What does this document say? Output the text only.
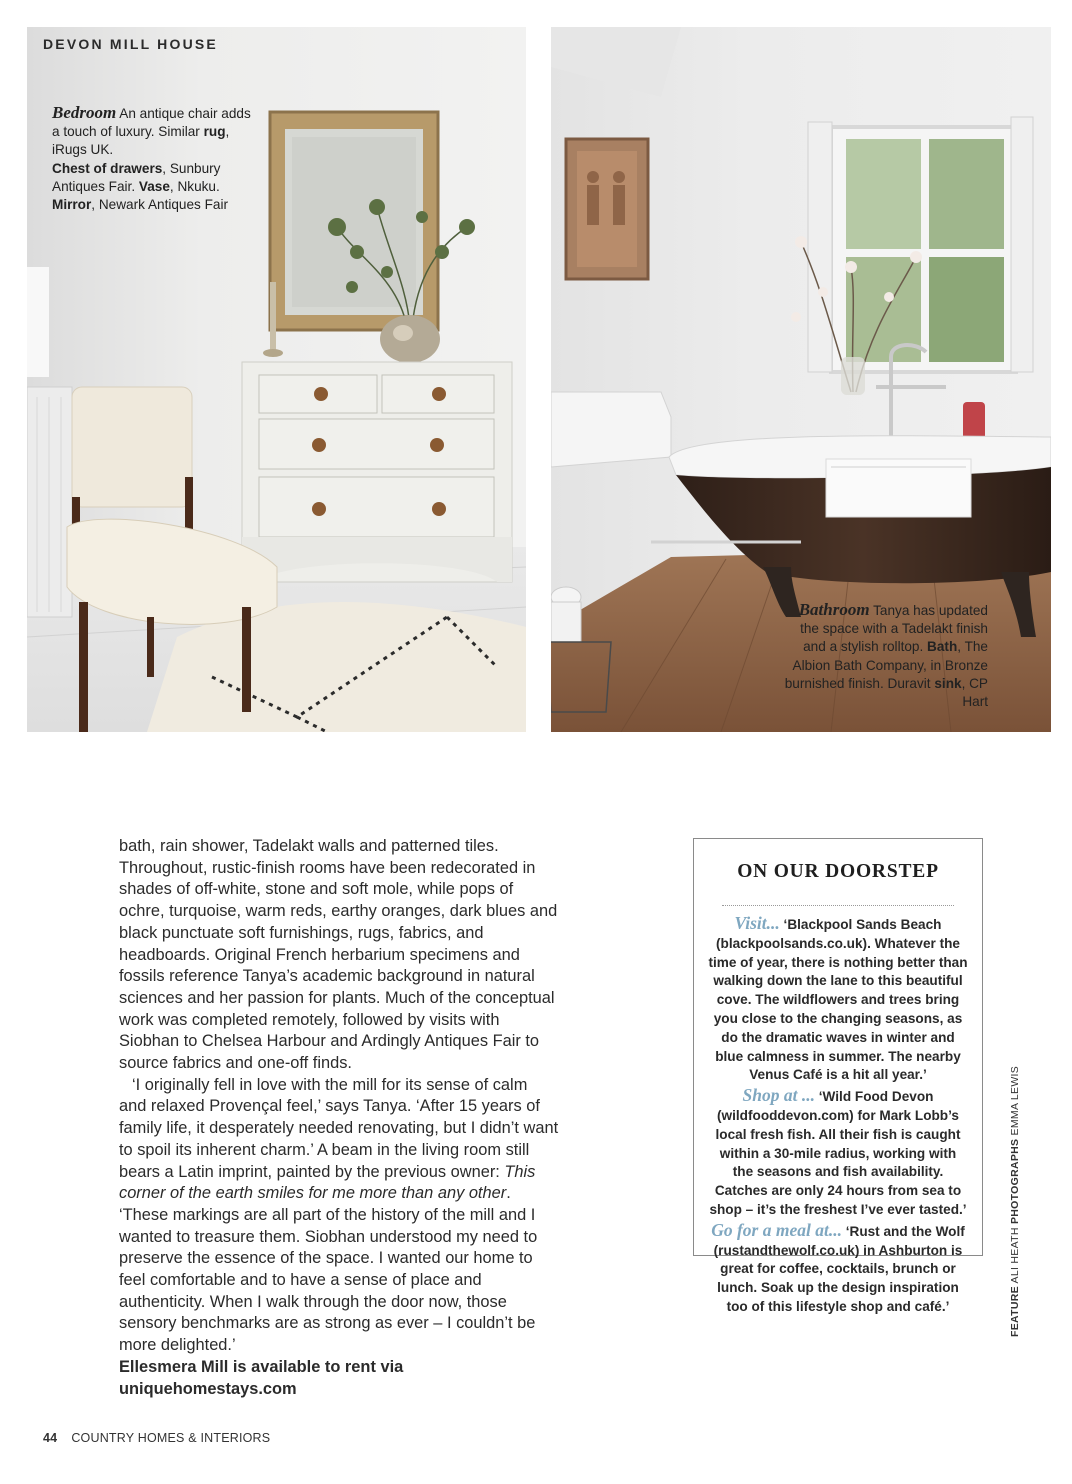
DEVON MILL HOUSE
Bedroom An antique chair adds a touch of luxury. Similar rug, iRugs UK.
Chest of drawers, Sunbury Antiques Fair. Vase, Nkuku.
Mirror, Newark Antiques Fair
Bathroom Tanya has updated the space with a Tadelakt finish and a stylish rolltop. Bath, The Albion Bath Company, in Bronze burnished finish. Duravit sink, CP Hart

bath, rain shower, Tadelakt walls and patterned tiles. Throughout, rustic-finish rooms have been redecorated in shades of off-white, stone and soft mole, while pops of ochre, turquoise, warm reds, earthy oranges, dark blues and black punctuate soft furnishings, rugs, fabrics, and headboards. Original French herbarium specimens and fossils reference Tanya’s academic background in natural sciences and her passion for plants. Much of the conceptual work was completed remotely, followed by visits with Siobhan to Chelsea Harbour and Ardingly Antiques Fair to source fabrics and one-off finds.

‘I originally fell in love with the mill for its sense of calm and relaxed Provençal feel,’ says Tanya. ‘After 15 years of family life, it desperately needed renovating, but I didn’t want to spoil its inherent charm.’ A beam in the living room still bears a Latin imprint, painted by the previous owner: This corner of the earth smiles for me more than any other. ‘These markings are all part of the history of the mill and I wanted to treasure them. Siobhan understood my need to preserve the essence of the space. I wanted our home to feel comfortable and to have a sense of place and authenticity. When I walk through the door now, those sensory benchmarks are as strong as ever – I couldn’t be more delighted.’

Ellesmera Mill is available to rent via uniquehomestays.com

ON OUR DOORSTEP

Visit... ‘Blackpool Sands Beach (blackpoolsands.co.uk). Whatever the time of year, there is nothing better than walking down the lane to this beautiful cove. The wildflowers and trees bring you close to the changing seasons, as do the dramatic waves in winter and blue calmness in summer. The nearby Venus Café is a hit all year.’

Shop at ... ‘Wild Food Devon (wildfooddevon.com) for Mark Lobb’s local fresh fish. All their fish is caught within a 30-mile radius, working with the seasons and fish availability. Catches are only 24 hours from sea to shop – it’s the freshest I’ve ever tasted.’

Go for a meal at... ‘Rust and the Wolf (rustandthewolf.co.uk) in Ashburton is great for coffee, cocktails, brunch or lunch. Soak up the design inspiration too of this lifestyle shop and café.’	FEATURE ALI HEATH PHOTOGRAPHS EMMA LEWIS
44 COUNTRY HOMES & INTERIORS
